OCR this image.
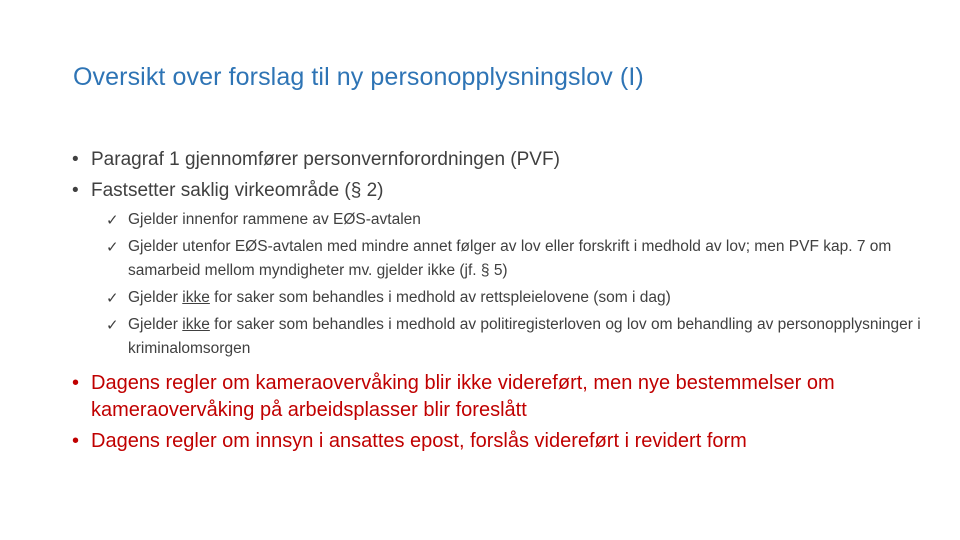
Oversikt over forslag til ny personopplysningslov (I)
• Paragraf 1 gjennomfører personvernforordningen (PVF)
• Fastsetter saklig virkeområde (§ 2)
✓ Gjelder innenfor rammene av EØS-avtalen
✓ Gjelder utenfor EØS-avtalen med mindre annet følger av lov eller forskrift i medhold av lov; men PVF kap. 7 om samarbeid mellom myndigheter mv. gjelder ikke (jf. § 5)
✓ Gjelder ikke for saker som behandles i medhold av rettspleielovene (som i dag)
✓ Gjelder ikke for saker som behandles i medhold av politiregisterloven og lov om behandling av personopplysninger i kriminalomsorgen
• Dagens regler om kameraovervåking blir ikke videreført, men nye bestemmelser om kameraovervåking på arbeidsplasser blir foreslått
• Dagens regler om innsyn i ansattes epost, forslås videreført i revidert form
